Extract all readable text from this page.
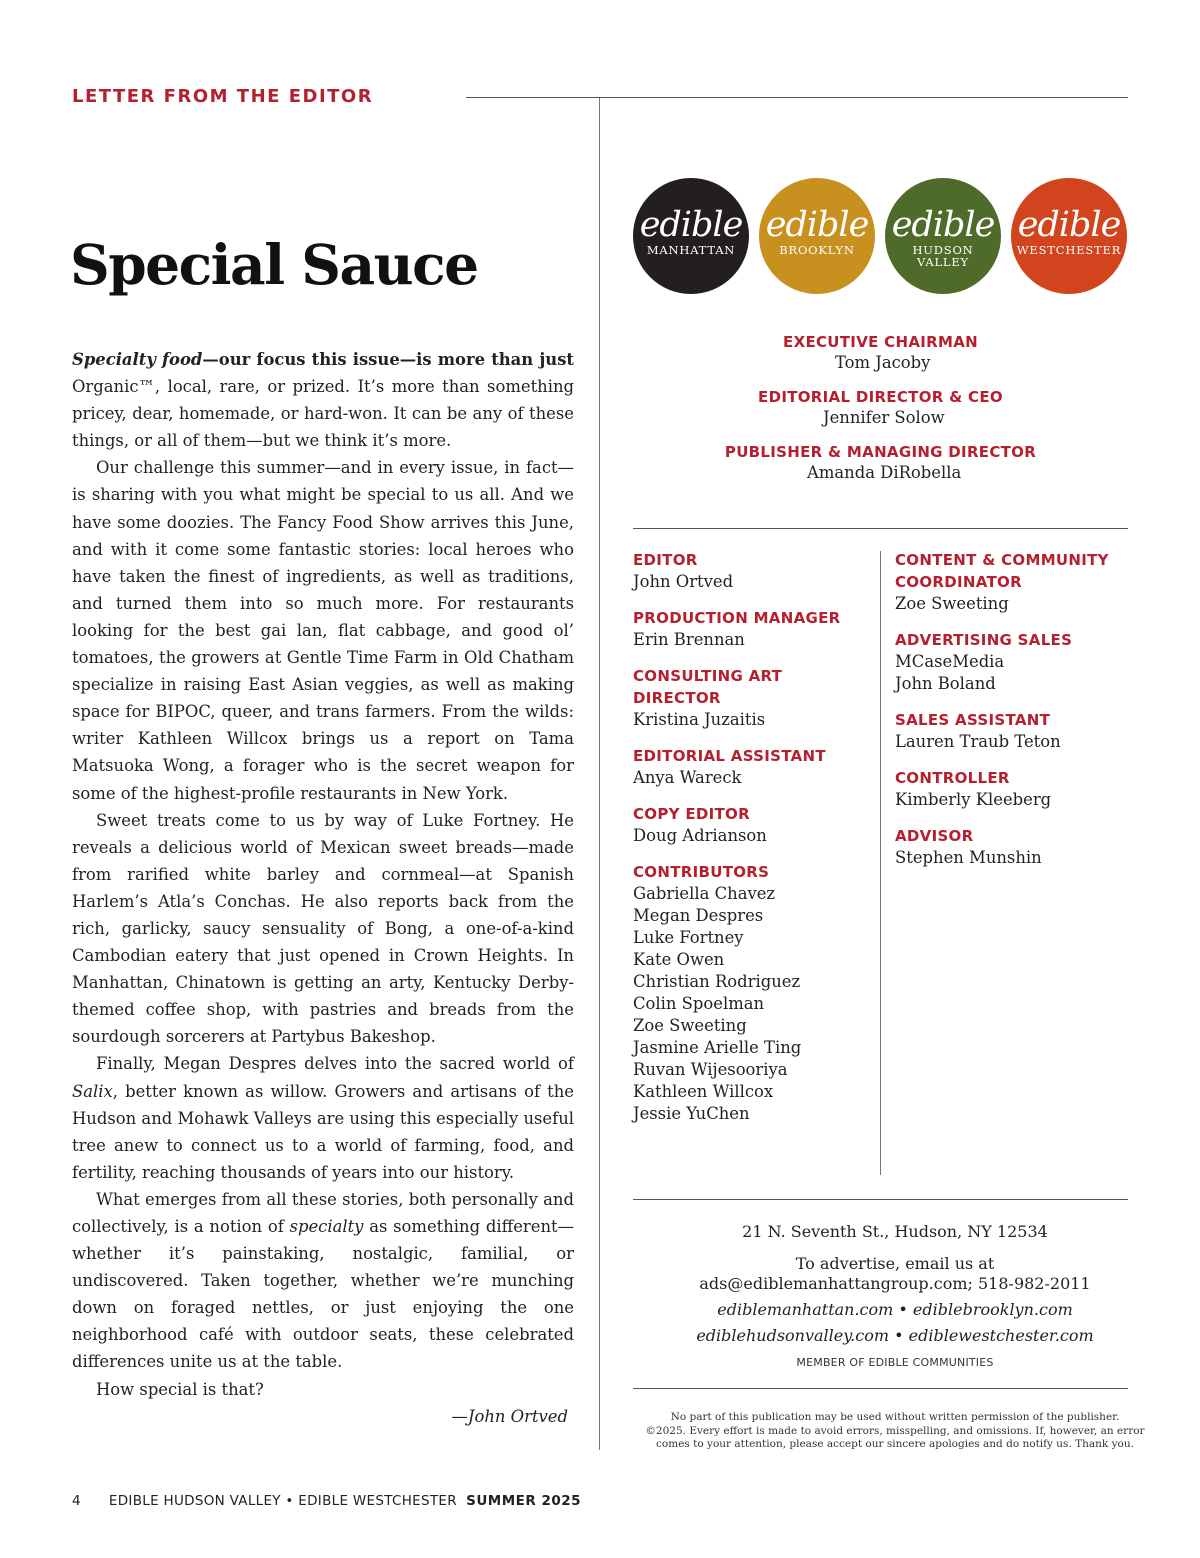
LETTER FROM THE EDITOR
Special Sauce

Specialty food—our focus this issue—is more than just Organic™, local, rare, or prized. It’s more than something pricey, dear, homemade, or hard-won. It can be any of these things, or all of them—but we think it’s more.

Our challenge this summer—and in every issue, in fact—is sharing with you what might be special to us all. And we have some doozies. The Fancy Food Show arrives this June, and with it come some fantastic stories: local heroes who have taken the finest of ingredients, as well as traditions, and turned them into so much more. For restaurants looking for the best gai lan, flat cabbage, and good ol’ tomatoes, the growers at Gentle Time Farm in Old Chatham specialize in raising East Asian veggies, as well as making space for BIPOC, queer, and trans farmers. From the wilds: writer Kathleen Willcox brings us a report on Tama Matsuoka Wong, a forager who is the secret weapon for some of the highest-profile restaurants in New York.

Sweet treats come to us by way of Luke Fortney. He reveals a delicious world of Mexican sweet breads—made from rarified white barley and cornmeal—at Spanish Harlem’s Atla’s Conchas. He also reports back from the rich, garlicky, saucy sensuality of Bong, a one-of-a-kind Cambodian eatery that just opened in Crown Heights. In Manhattan, Chinatown is getting an arty, Kentucky Derby-themed coffee shop, with pastries and breads from the sourdough sorcerers at Partybus Bakeshop.

Finally, Megan Despres delves into the sacred world of Salix, better known as willow. Growers and artisans of the Hudson and Mohawk Valleys are using this especially useful tree anew to connect us to a world of farming, food, and fertility, reaching thousands of years into our history.

What emerges from all these stories, both personally and collectively, is a notion of specialty as something different—whether it’s painstaking, nostalgic, familial, or undiscovered. Taken together, whether we’re munching down on foraged nettles, or just enjoying the one neighborhood café with outdoor seats, these celebrated differences unite us at the table.

How special is that?

—John Ortved
edible
MANHATTAN
edible
BROOKLYN
edible
HUDSON
VALLEY
edible
WESTCHESTER
EXECUTIVE CHAIRMAN
Tom Jacoby
EDITORIAL DIRECTOR & CEO
Jennifer Solow
PUBLISHER & MANAGING DIRECTOR
Amanda DiRobella
EDITOR
John Ortved
PRODUCTION MANAGER
Erin Brennan
CONSULTING ART DIRECTOR
Kristina Juzaitis
EDITORIAL ASSISTANT
Anya Wareck
COPY EDITOR
Doug Adrianson
CONTRIBUTORS
Gabriella Chavez
Megan Despres
Luke Fortney
Kate Owen
Christian Rodriguez
Colin Spoelman
Zoe Sweeting
Jasmine Arielle Ting
Ruvan Wijesooriya
Kathleen Willcox
Jessie YuChen
CONTENT & COMMUNITY COORDINATOR
Zoe Sweeting
ADVERTISING SALES
MCaseMedia
John Boland
SALES ASSISTANT
Lauren Traub Teton
CONTROLLER
Kimberly Kleeberg
ADVISOR
Stephen Munshin
21 N. Seventh St., Hudson, NY 12534
To advertise, email us at
ads@ediblemanhattangroup.com; 518-982-2011
ediblemanhattan.com • ediblebrooklyn.com
ediblehudsonvalley.com • ediblewestchester.com
MEMBER OF EDIBLE COMMUNITIES
No part of this publication may be used without written permission of the publisher.
©2025. Every effort is made to avoid errors, misspelling, and omissions. If, however, an error
comes to your attention, please accept our sincere apologies and do notify us. Thank you.
4 EDIBLE HUDSON VALLEY • EDIBLE WESTCHESTER SUMMER 2025
